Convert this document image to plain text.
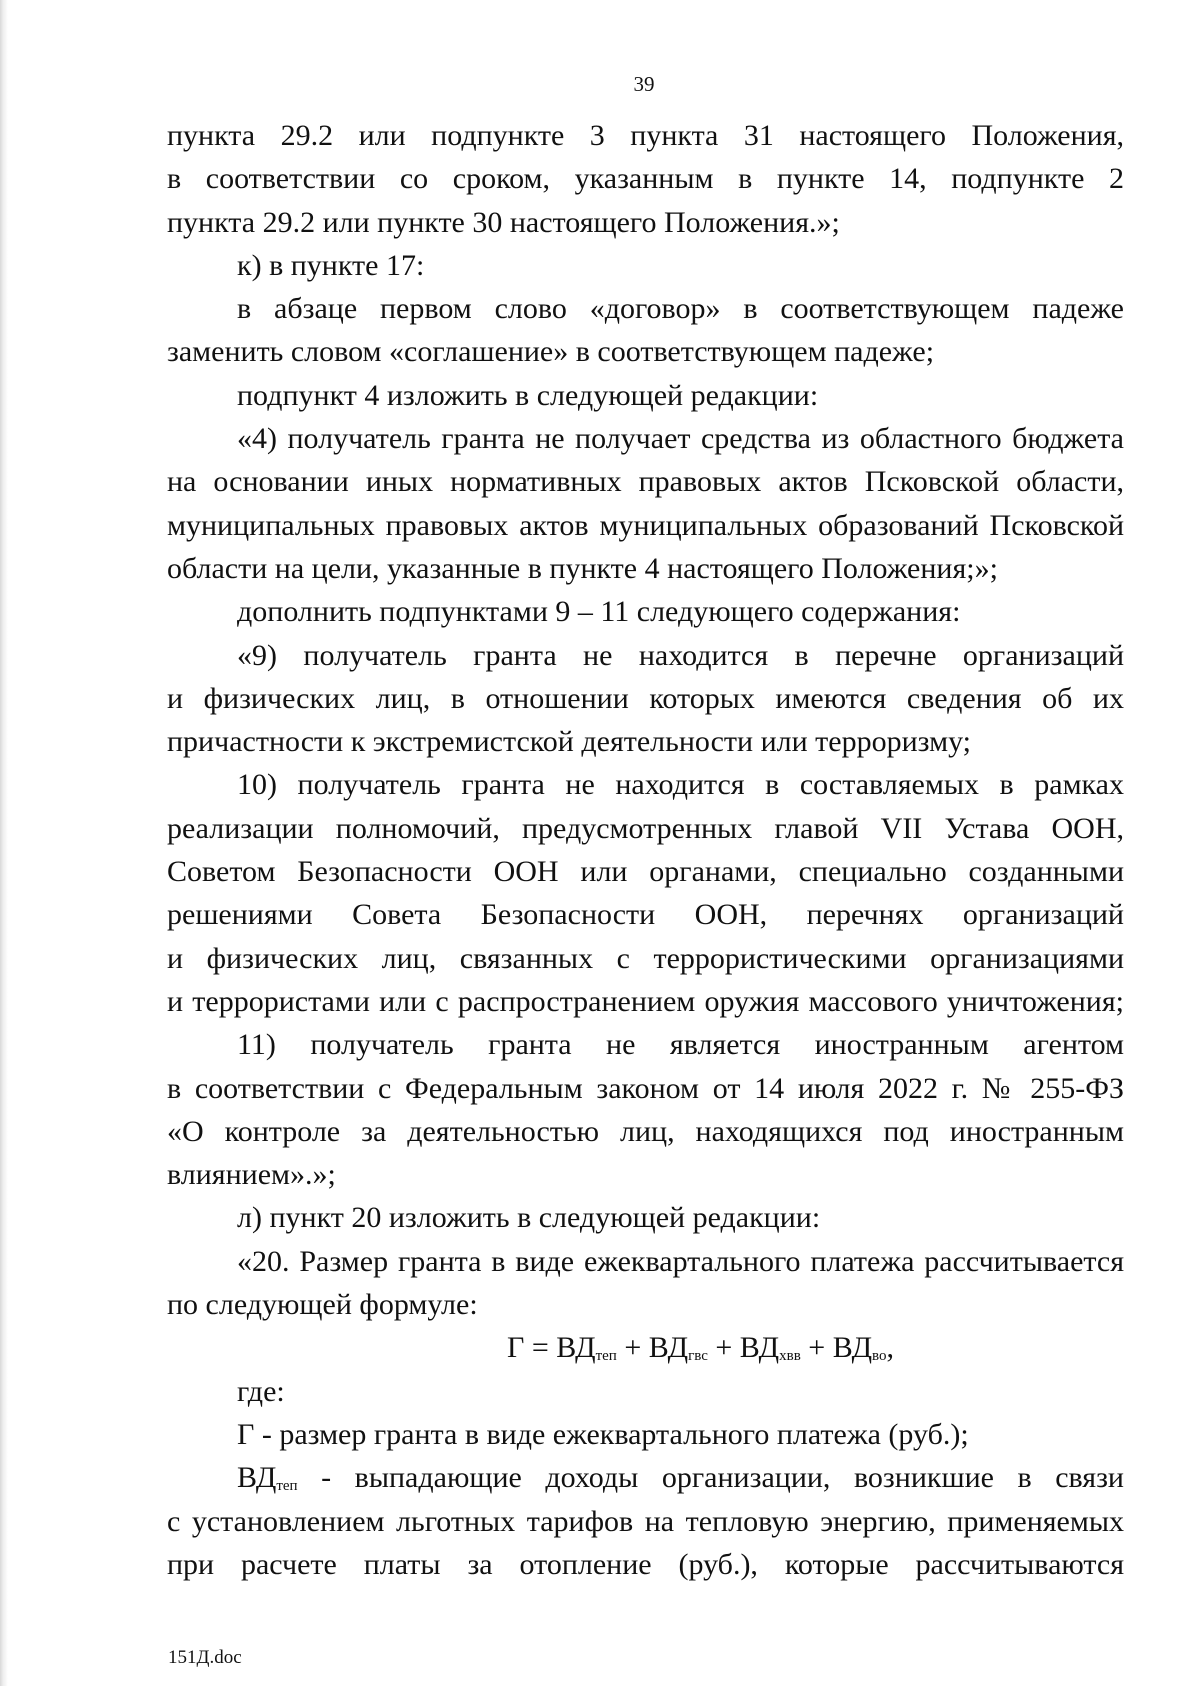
39
пункта 29.2 или подпункте 3 пункта 31 настоящего Положения,
в соответствии со сроком, указанным в пункте 14, подпункте 2
пункта 29.2 или пункте 30 настоящего Положения.»;
к) в пункте 17:
в абзаце первом слово «договор» в соответствующем падеже
заменить словом «соглашение» в соответствующем падеже;
подпункт 4 изложить в следующей редакции:
«4) получатель гранта не получает средства из областного бюджета
на основании иных нормативных правовых актов Псковской области,
муниципальных правовых актов муниципальных образований Псковской
области на цели, указанные в пункте 4 настоящего Положения;»;
дополнить подпунктами 9 – 11 следующего содержания:
«9) получатель гранта не находится в перечне организаций
и физических лиц, в отношении которых имеются сведения об их
причастности к экстремистской деятельности или терроризму;
10) получатель гранта не находится в составляемых в рамках
реализации полномочий, предусмотренных главой VII Устава ООН,
Советом Безопасности ООН или органами, специально созданными
решениями Совета Безопасности ООН, перечнях организаций
и физических лиц, связанных с террористическими организациями
и террористами или с распространением оружия массового уничтожения;
11) получатель гранта не является иностранным агентом
в соответствии с Федеральным законом от 14 июля 2022 г. № 255-ФЗ
«О контроле за деятельностью лиц, находящихся под иностранным
влиянием».»;
л) пункт 20 изложить в следующей редакции:
«20. Размер гранта в виде ежеквартального платежа рассчитывается
по следующей формуле:
$Г = ВД_{теп} + ВД_{гвс} + ВД_{хвв} + ВД_{во}$,
где:
Г - размер гранта в виде ежеквартального платежа (руб.);
$ВД_{теп}$ - выпадающие доходы организации, возникшие в связи
с установлением льготных тарифов на тепловую энергию, применяемых
при расчете платы за отопление (руб.), которые рассчитываются
151Д.doc
